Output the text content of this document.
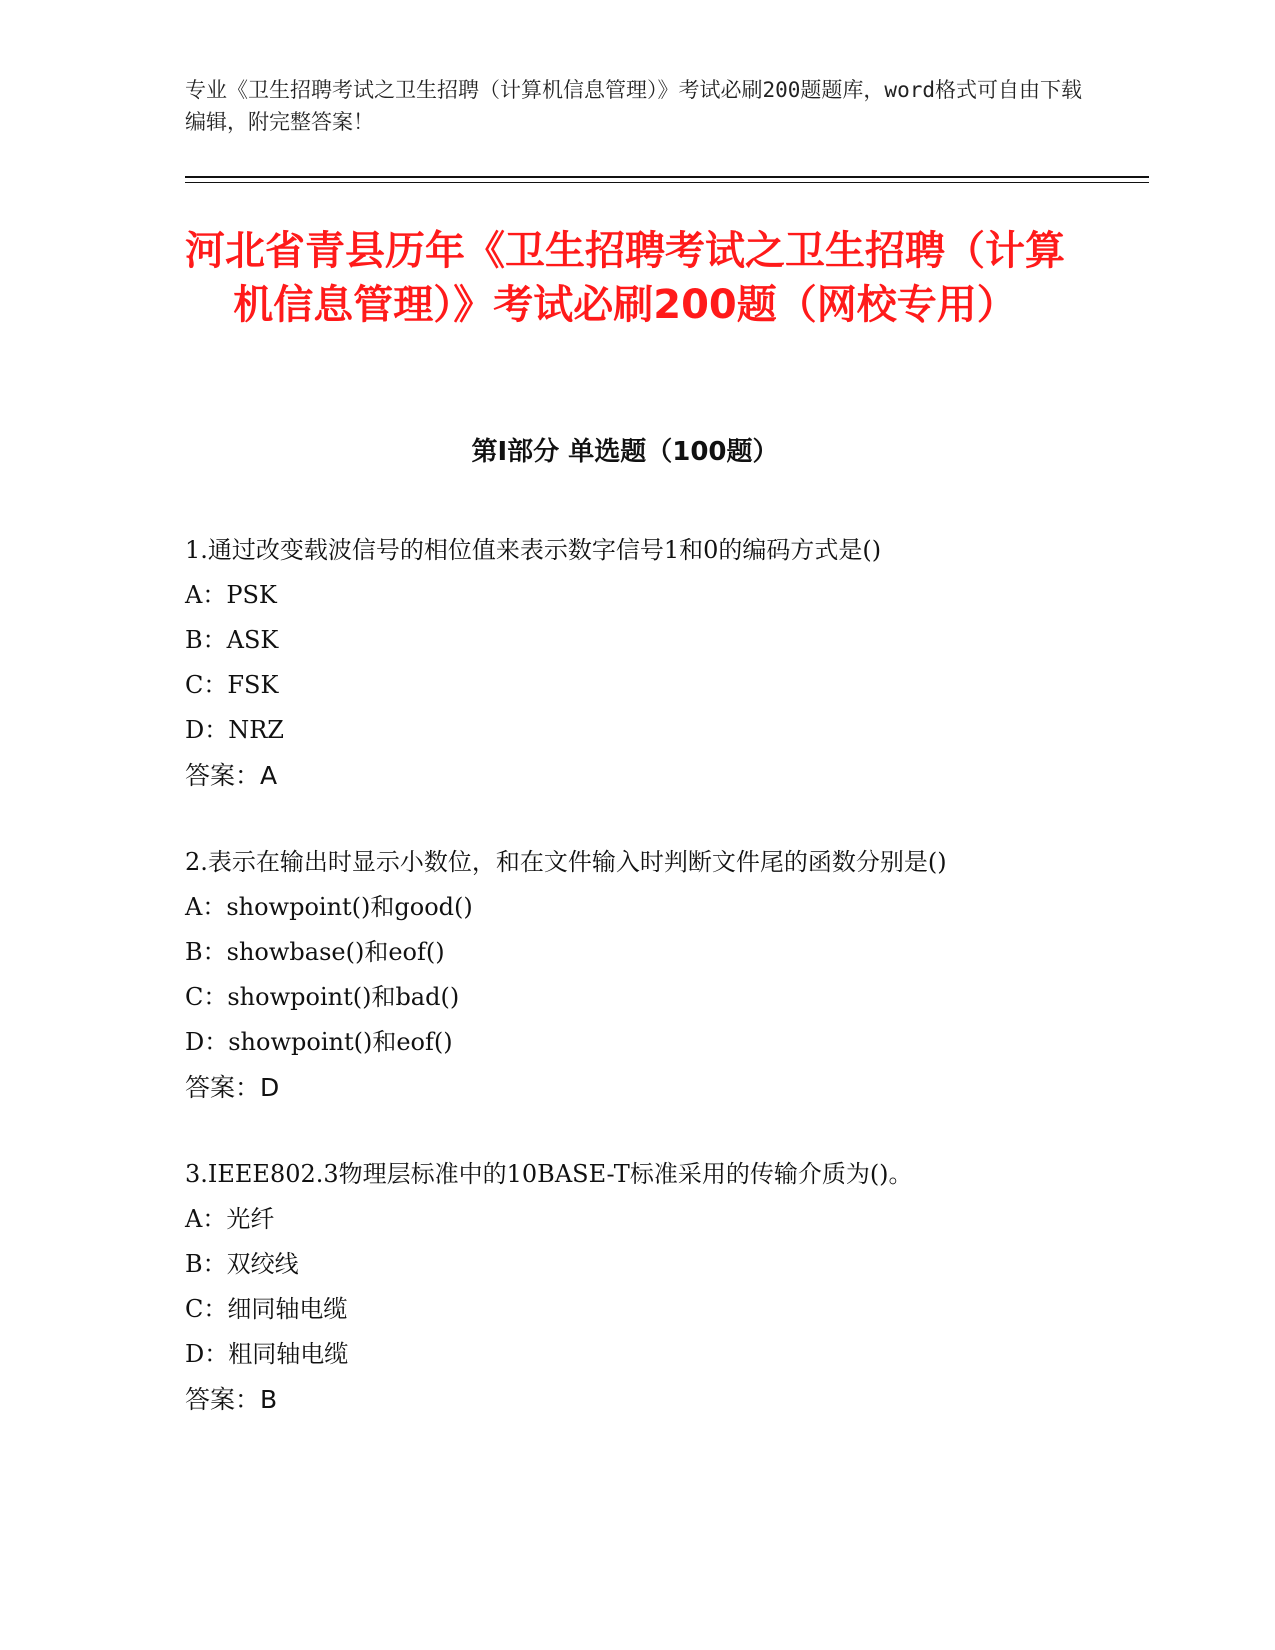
专业《卫生招聘考试之卫生招聘（计算机信息管理）》考试必刷200题题库，word格式可自由下载编辑，附完整答案！
河北省青县历年《卫生招聘考试之卫生招聘（计算机信息管理）》考试必刷200题（网校专用）
第I部分 单选题（100题）

1.通过改变载波信号的相位值来表示数字信号1和0的编码方式是()

A：PSK

B：ASK

C：FSK

D：NRZ

答案：A

2.表示在输出时显示小数位，和在文件输入时判断文件尾的函数分别是()

A：showpoint()和good()

B：showbase()和eof()

C：showpoint()和bad()

D：showpoint()和eof()

答案：D

3.IEEE802.3物理层标准中的10BASE-T标准采用的传输介质为()。

A：光纤

B：双绞线

C：细同轴电缆

D：粗同轴电缆

答案：B
